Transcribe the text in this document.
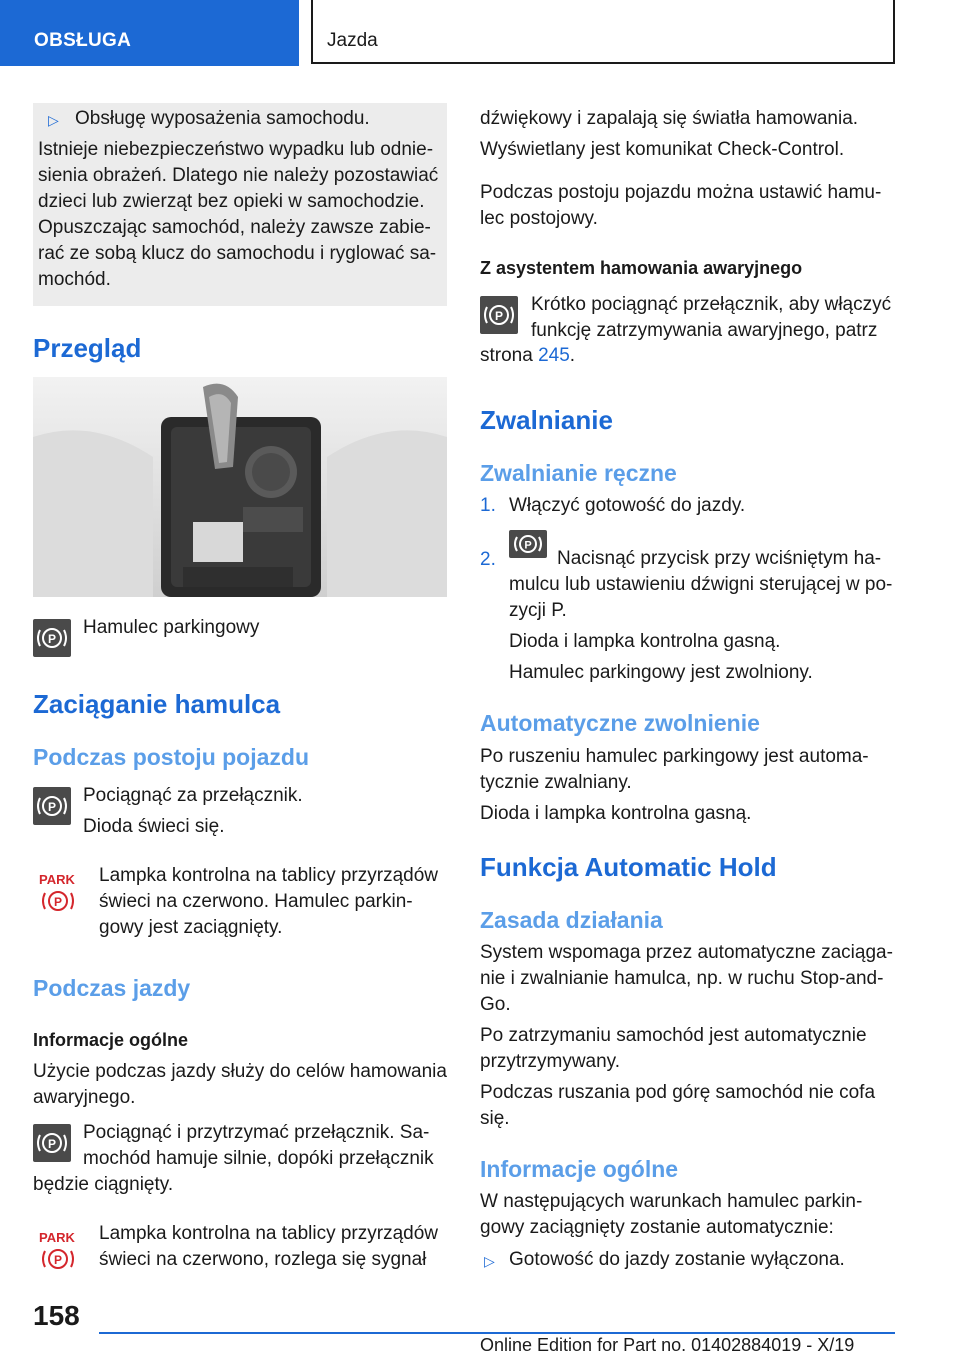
OBSŁUGA	Jazda
▷ Obsługę wyposażenia samochodu.
Istnieje niebezpieczeństwo wypadku lub odnie-
sienia obrażeń. Dlatego nie należy pozostawiać
dzieci lub zwierząt bez opieki w samochodzie.
Opuszczając samochód, należy zawsze zabie-
rać ze sobą klucz do samochodu i ryglować sa-
mochód.
Przegląd
P
Hamulec parkingowy
Zaciąganie hamulca
Podczas postoju pojazdu
P
Pociągnąć za przełącznik.
Dioda świeci się.
PARK
P
Lampka kontrolna na tablicy przyrządów
świeci na czerwono. Hamulec parkin-
gowy jest zaciągnięty.
Podczas jazdy
Informacje ogólne
Użycie podczas jazdy służy do celów hamowania
awaryjnego.
P
Pociągnąć i przytrzymać przełącznik. Sa-
mochód hamuje silnie, dopóki przełącznik
będzie ciągnięty.
PARK
P
Lampka kontrolna na tablicy przyrządów
świeci na czerwono, rozlega się sygnał
dźwiękowy i zapalają się światła hamowania.
Wyświetlany jest komunikat Check-Control.
Podczas postoju pojazdu można ustawić hamu-
lec postojowy.
Z asystentem hamowania awaryjnego
P
Krótko pociągnąć przełącznik, aby włączyć
funkcję zatrzymywania awaryjnego, patrz
strona 245.
Zwalnianie
Zwalnianie ręczne
1. Włączyć gotowość do jazdy.
2.
P
Nacisnąć przycisk przy wciśniętym ha-
mulcu lub ustawieniu dźwigni sterującej w po-
zycji P.
Dioda i lampka kontrolna gasną.
Hamulec parkingowy jest zwolniony.
Automatyczne zwolnienie
Po ruszeniu hamulec parkingowy jest automa-
tycznie zwalniany.
Dioda i lampka kontrolna gasną.
Funkcja Automatic Hold
Zasada działania
System wspomaga przez automatyczne zaciąga-
nie i zwalnianie hamulca, np. w ruchu Stop-and-
Go.
Po zatrzymaniu samochód jest automatycznie
przytrzymywany.
Podczas ruszania pod górę samochód nie cofa
się.
Informacje ogólne
W następujących warunkach hamulec parkin-
gowy zaciągnięty zostanie automatycznie:
▷ Gotowość do jazdy zostanie wyłączona.
158
Online Edition for Part no. 01402884019 - X/19
